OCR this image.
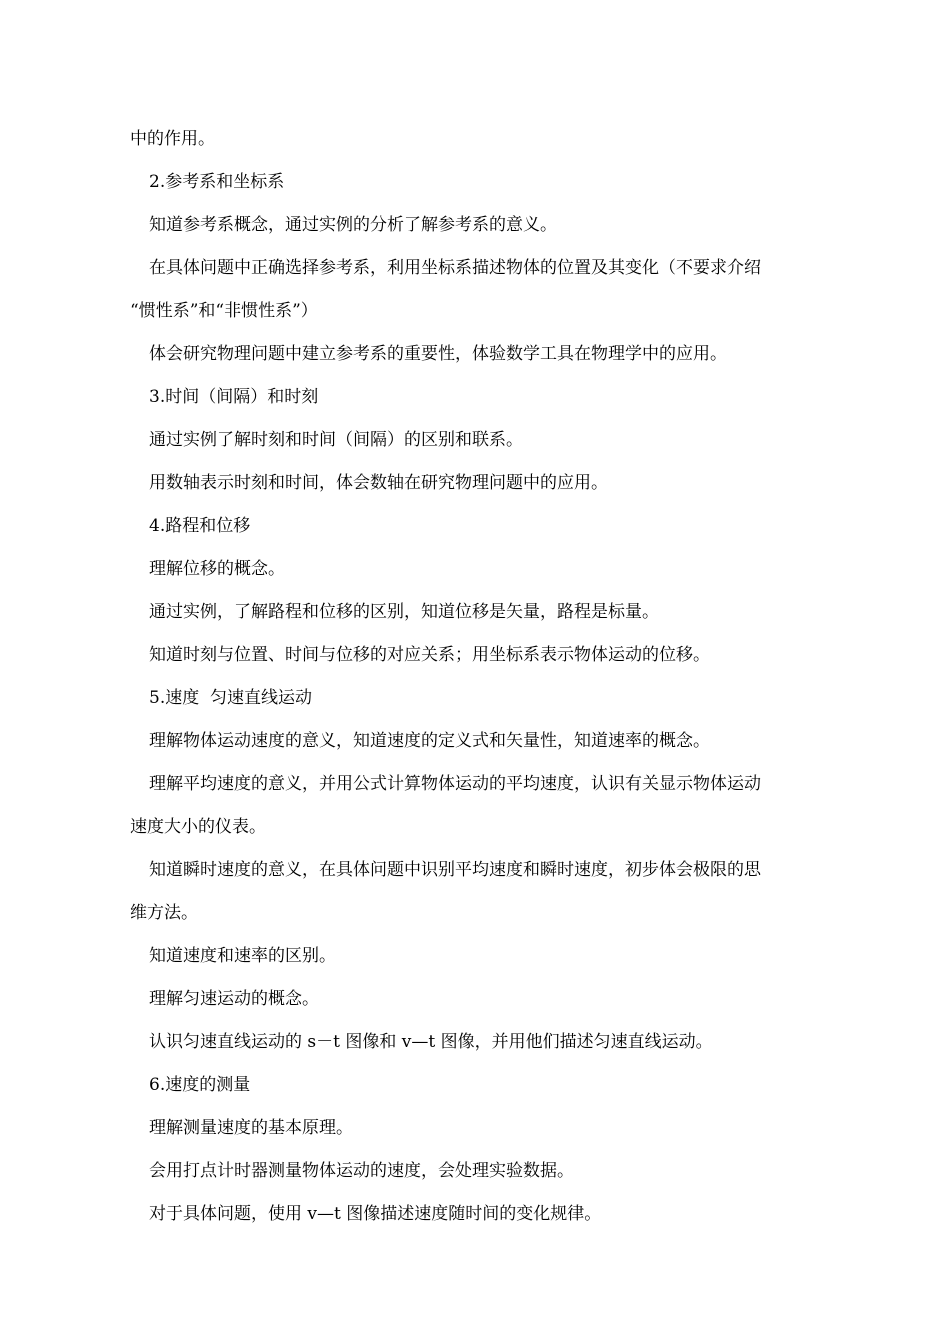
中的作用。
2.参考系和坐标系
知道参考系概念，通过实例的分析了解参考系的意义。
在具体问题中正确选择参考系，利用坐标系描述物体的位置及其变化（不要求介绍
“惯性系”和“非惯性系”）
体会研究物理问题中建立参考系的重要性，体验数学工具在物理学中的应用。
3.时间（间隔）和时刻
通过实例了解时刻和时间（间隔）的区别和联系。
用数轴表示时刻和时间，体会数轴在研究物理问题中的应用。
4.路程和位移
理解位移的概念。
通过实例，了解路程和位移的区别，知道位移是矢量，路程是标量。
知道时刻与位置、时间与位移的对应关系；用坐标系表示物体运动的位移。
5.速度  匀速直线运动
理解物体运动速度的意义，知道速度的定义式和矢量性，知道速率的概念。
理解平均速度的意义，并用公式计算物体运动的平均速度，认识有关显示物体运动
速度大小的仪表。
知道瞬时速度的意义，在具体问题中识别平均速度和瞬时速度，初步体会极限的思
维方法。
知道速度和速率的区别。
理解匀速运动的概念。
认识匀速直线运动的 s－t 图像和 v—t 图像，并用他们描述匀速直线运动。
6.速度的测量
理解测量速度的基本原理。
会用打点计时器测量物体运动的速度，会处理实验数据。
对于具体问题，使用 v—t 图像描述速度随时间的变化规律。
